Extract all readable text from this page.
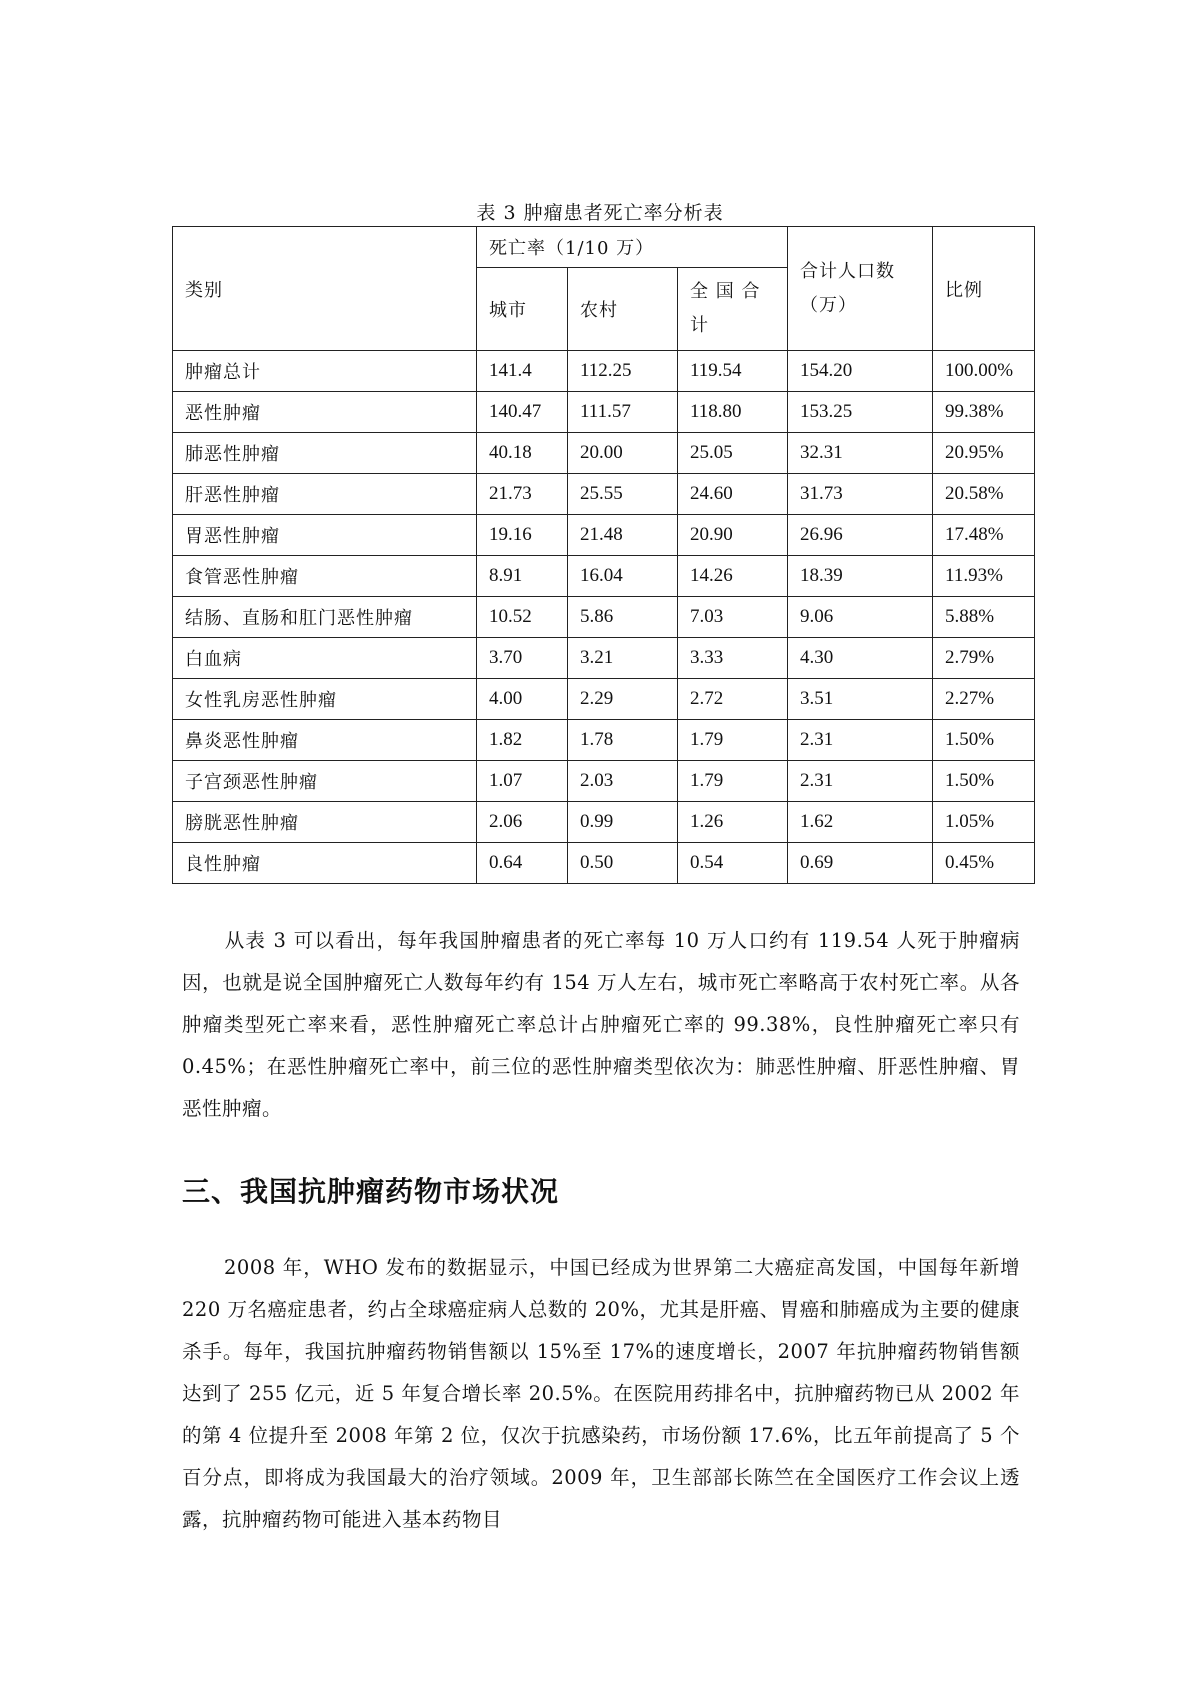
表 3 肿瘤患者死亡率分析表
类别	死亡率（1/10 万）			合计人口数（万）	比例
	城市	农村	全 国 合 计		
肿瘤总计	141.4	112.25	119.54	154.20	100.00%
恶性肿瘤	140.47	111.57	118.80	153.25	99.38%
肺恶性肿瘤	40.18	20.00	25.05	32.31	20.95%
肝恶性肿瘤	21.73	25.55	24.60	31.73	20.58%
胃恶性肿瘤	19.16	21.48	20.90	26.96	17.48%
食管恶性肿瘤	8.91	16.04	14.26	18.39	11.93%
结肠、直肠和肛门恶性肿瘤	10.52	5.86	7.03	9.06	5.88%
白血病	3.70	3.21	3.33	4.30	2.79%
女性乳房恶性肿瘤	4.00	2.29	2.72	3.51	2.27%
鼻炎恶性肿瘤	1.82	1.78	1.79	2.31	1.50%
子宫颈恶性肿瘤	1.07	2.03	1.79	2.31	1.50%
膀胱恶性肿瘤	2.06	0.99	1.26	1.62	1.05%
良性肿瘤	0.64	0.50	0.54	0.69	0.45%
从表 3 可以看出，每年我国肿瘤患者的死亡率每 10 万人口约有 119.54 人死于肿瘤病因，也就是说全国肿瘤死亡人数每年约有 154 万人左右，城市死亡率略高于农村死亡率。从各肿瘤类型死亡率来看，恶性肿瘤死亡率总计占肿瘤死亡率的 99.38%，良性肿瘤死亡率只有 0.45%；在恶性肿瘤死亡率中，前三位的恶性肿瘤类型依次为：肺恶性肿瘤、肝恶性肿瘤、胃恶性肿瘤。
三、我国抗肿瘤药物市场状况
2008 年，WHO 发布的数据显示，中国已经成为世界第二大癌症高发国，中国每年新增 220 万名癌症患者，约占全球癌症病人总数的 20%，尤其是肝癌、胃癌和肺癌成为主要的健康杀手。每年，我国抗肿瘤药物销售额以 15%至 17%的速度增长，2007 年抗肿瘤药物销售额达到了 255 亿元，近 5 年复合增长率 20.5%。在医院用药排名中，抗肿瘤药物已从 2002 年的第 4 位提升至 2008 年第 2 位，仅次于抗感染药，市场份额 17.6%，比五年前提高了 5 个百分点，即将成为我国最大的治疗领域。2009 年，卫生部部长陈竺在全国医疗工作会议上透露，抗肿瘤药物可能进入基本药物目
